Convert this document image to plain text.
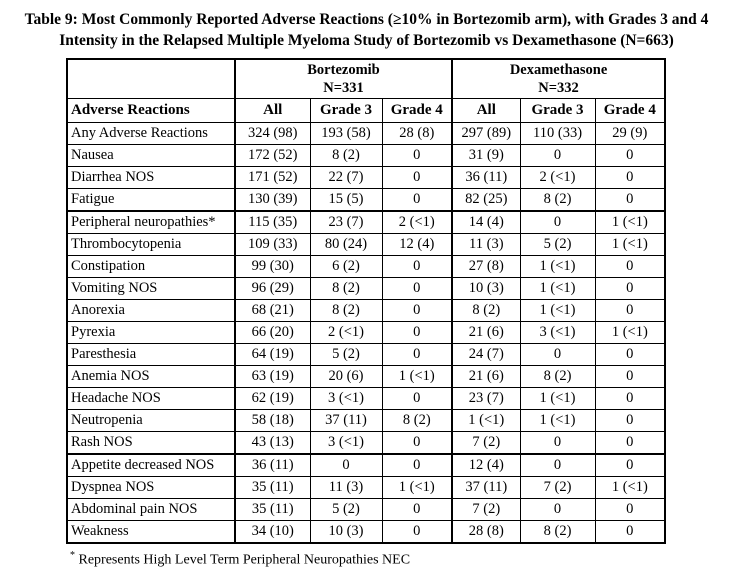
Table 9: Most Commonly Reported Adverse Reactions (≥10% in Bortezomib arm), with Grades 3 and 4
Intensity in the Relapsed Multiple Myeloma Study of Bortezomib vs Dexamethasone (N=663)

Bortezomib
N=331

Dexamethasone
N=332

Adverse Reactions	All	Grade 3	Grade 4	All	Grade 3	Grade 4
Any Adverse Reactions	324 (98)	193 (58)	28 (8)	297 (89)	110 (33)	29 (9)
Nausea	172 (52)	8 (2)	0	31 (9)	0	0
Diarrhea NOS	171 (52)	22 (7)	0	36 (11)	2 (<1)	0
Fatigue	130 (39)	15 (5)	0	82 (25)	8 (2)	0
Peripheral neuropathies*	115 (35)	23 (7)	2 (<1)	14 (4)	0	1 (<1)
Thrombocytopenia	109 (33)	80 (24)	12 (4)	11 (3)	5 (2)	1 (<1)
Constipation	99 (30)	6 (2)	0	27 (8)	1 (<1)	0
Vomiting NOS	96 (29)	8 (2)	0	10 (3)	1 (<1)	0
Anorexia	68 (21)	8 (2)	0	8 (2)	1 (<1)	0
Pyrexia	66 (20)	2 (<1)	0	21 (6)	3 (<1)	1 (<1)
Paresthesia	64 (19)	5 (2)	0	24 (7)	0	0
Anemia NOS	63 (19)	20 (6)	1 (<1)	21 (6)	8 (2)	0
Headache NOS	62 (19)	3 (<1)	0	23 (7)	1 (<1)	0
Neutropenia	58 (18)	37 (11)	8 (2)	1 (<1)	1 (<1)	0
Rash NOS	43 (13)	3 (<1)	0	7 (2)	0	0
Appetite decreased NOS	36 (11)	0	0	12 (4)	0	0
Dyspnea NOS	35 (11)	11 (3)	1 (<1)	37 (11)	7 (2)	1 (<1)
Abdominal pain NOS	35 (11)	5 (2)	0	7 (2)	0	0
Weakness	34 (10)	10 (3)	0	28 (8)	8 (2)	0
* Represents High Level Term Peripheral Neuropathies NEC
